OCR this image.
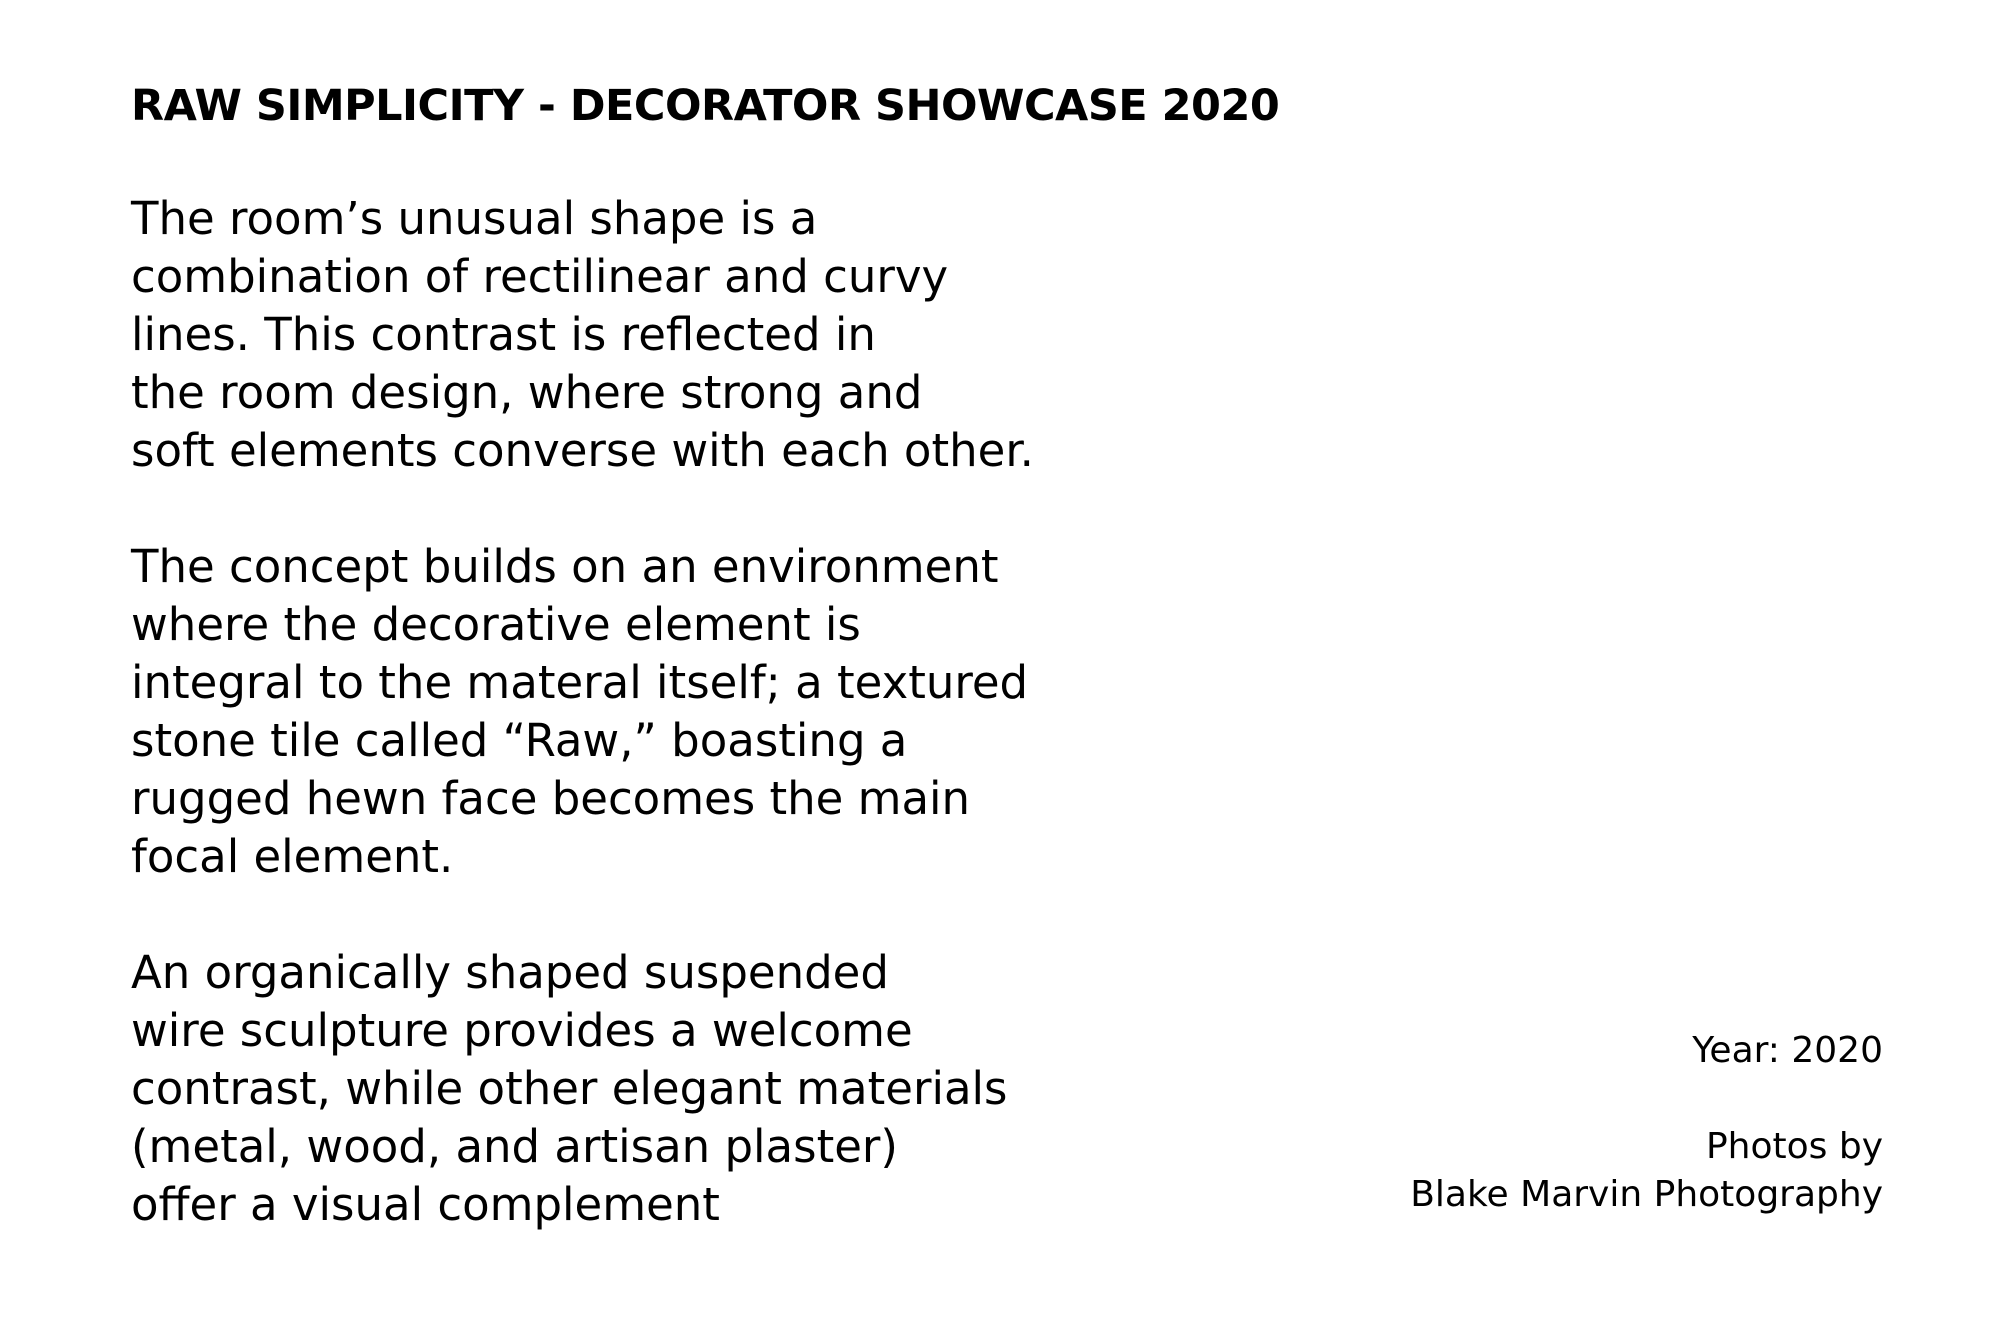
RAW SIMPLICITY - DECORATOR SHOWCASE 2020

The room’s unusual shape is a
combination of rectilinear and curvy
lines. This contrast is reflected in
the room design, where strong and
soft elements converse with each other.

The concept builds on an environment
where the decorative element is
integral to the materal itself; a textured
stone tile called “Raw,” boasting a
rugged hewn face becomes the main
focal element.

An organically shaped suspended
wire sculpture provides a welcome
contrast, while other elegant materials
(metal, wood, and artisan plaster)
offer a visual complement

Year: 2020
Photos by
Blake Marvin Photography
